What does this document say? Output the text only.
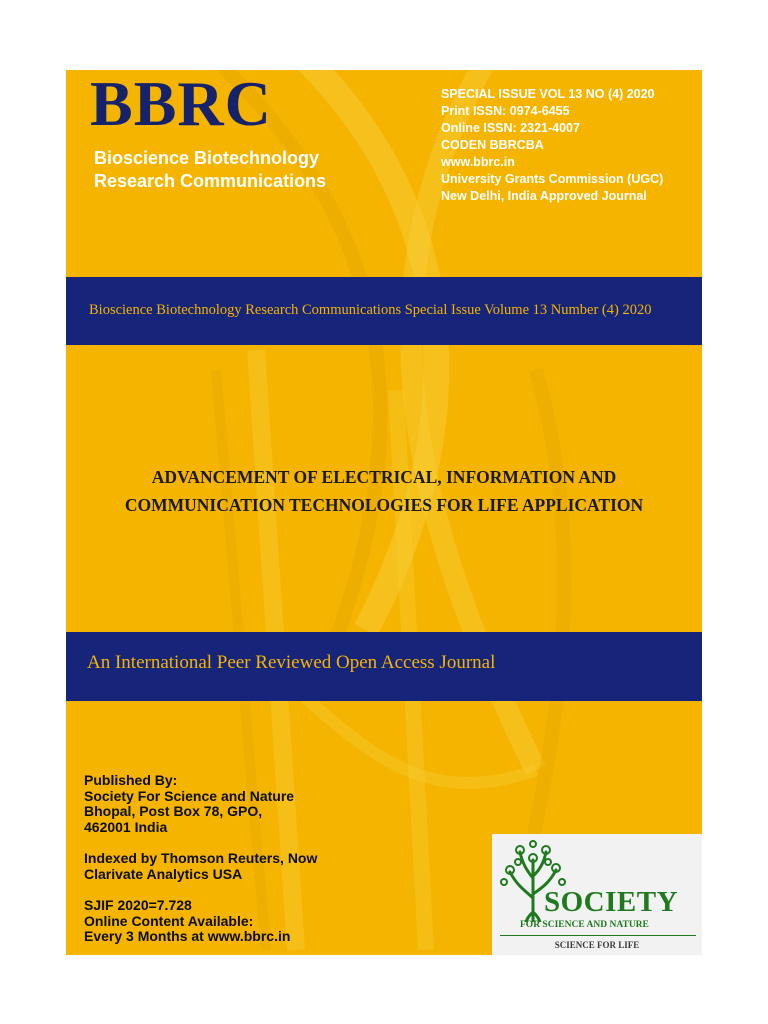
BBRC
Bioscience Biotechnology
Research Communications
SPECIAL ISSUE VOL 13 NO (4) 2020
Print ISSN: 0974-6455
Online ISSN: 2321-4007
CODEN BBRCBA
www.bbrc.in
University Grants Commission (UGC)
New Delhi, India Approved Journal
Bioscience Biotechnology Research Communications Special Issue Volume 13 Number (4) 2020
ADVANCEMENT OF ELECTRICAL, INFORMATION AND
COMMUNICATION TECHNOLOGIES FOR LIFE APPLICATION
An International Peer Reviewed Open Access Journal
Published By:
Society For Science and Nature
Bhopal, Post Box 78, GPO,
462001 India
Indexed by Thomson Reuters, Now
Clarivate Analytics USA
SJIF 2020=7.728
Online Content Available:
Every 3 Months at www.bbrc.in
SOCIETY
FOR SCIENCE AND NATURE
SCIENCE FOR LIFE
